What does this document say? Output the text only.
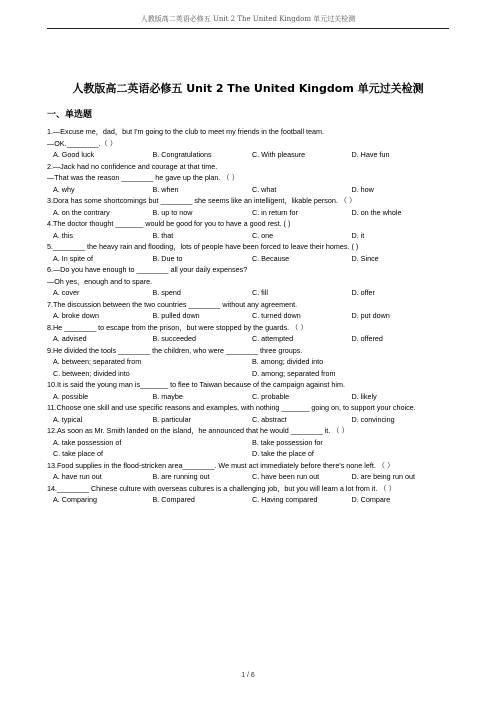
人教版高二英语必修五 Unit 2 The United Kingdom 单元过关检测
人教版高二英语必修五 Unit 2 The United Kingdom 单元过关检测
一、单选题
1.—Excuse me，dad，but I'm going to the club to meet my friends in the football team.
—OK.________.（ ）
A. Good luck	B. Congratulations	C. With pleasure	D. Have fun
2.—Jack had no confidence and courage at that time.
—That was the reason ________ he gave up the plan. （ ）
A. why	B. when	C. what	D. how
3.Dora has some shortcomings but ________ she seems like an intelligent，likable person. （ ）
A. on the contrary	B. up to now	C. in return for	D. on the whole
4.The doctor thought _______ would be good for you to have a good rest. ( )
A. this	B. that	C. one	D. it
5.________ the heavy rain and flooding，lots of people have been forced to leave their homes. ( )
A. In spite of	B. Due to	C. Because	D. Since
6.—Do you have enough to ________ all your daily expenses?
—Oh yes，enough and to spare.
A. cover	B. spend	C. fill	D. offer
7.The discussion between the two countries ________ without any agreement.
A. broke down	B. pulled down	C. turned down	D. put down
8.He ________ to escape from the prison，but were stopped by the guards. （ ）
A. advised	B. succeeded	C. attempted	D. offered
9.He divided the tools ________ the children, who were ________ three groups.
A. between; separated from	B. among; divided into
C. between; divided into	D. among; separated from
10.It is said the young man is_______ to flee to Taiwan because of the campaign against him.
A. possible	B. maybe	C. probable	D. likely
11.Choose one skill and use specific reasons and examples, with nothing _______ going on, to support your choice.
A. typical	B. particular	C. abstract	D. convincing
12.As soon as Mr. Smith landed on the island，he announced that he would ________ it. （ ）
A. take possession of	B. take possession for
C. take place of	D. take the place of
13.Food supplies in the flood-stricken area________. We must act immediately before there's none left. （ ）
A. have run out	B. are running out	C. have been run out	D. are being run out
14.________ Chinese culture with overseas cultures is a challenging job，but you will learn a lot from it. （ ）
A. Comparing	B. Compared	C. Having compared	D. Compare
1 / 6
